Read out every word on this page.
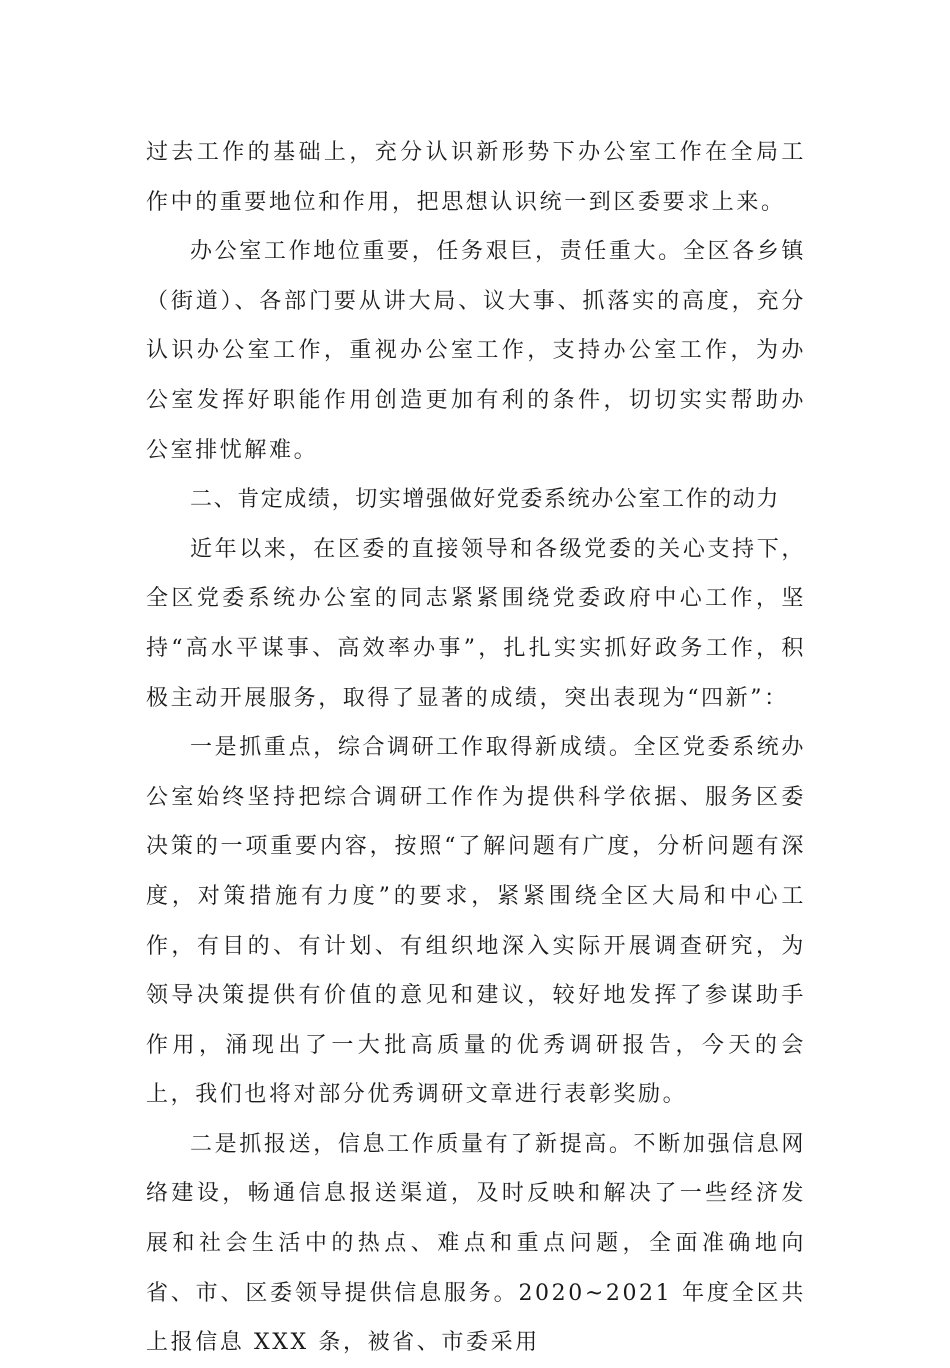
过去工作的基础上，充分认识新形势下办公室工作在全局工作中的重要地位和作用，把思想认识统一到区委要求上来。

办公室工作地位重要，任务艰巨，责任重大。全区各乡镇（街道）、各部门要从讲大局、议大事、抓落实的高度，充分认识办公室工作，重视办公室工作，支持办公室工作，为办公室发挥好职能作用创造更加有利的条件，切切实实帮助办公室排忧解难。

二、肯定成绩，切实增强做好党委系统办公室工作的动力

近年以来，在区委的直接领导和各级党委的关心支持下，全区党委系统办公室的同志紧紧围绕党委政府中心工作，坚持“高水平谋事、高效率办事”，扎扎实实抓好政务工作，积极主动开展服务，取得了显著的成绩，突出表现为“四新”：

一是抓重点，综合调研工作取得新成绩。全区党委系统办公室始终坚持把综合调研工作作为提供科学依据、服务区委决策的一项重要内容，按照“了解问题有广度，分析问题有深度，对策措施有力度”的要求，紧紧围绕全区大局和中心工作，有目的、有计划、有组织地深入实际开展调查研究，为领导决策提供有价值的意见和建议，较好地发挥了参谋助手作用，涌现出了一大批高质量的优秀调研报告，今天的会上，我们也将对部分优秀调研文章进行表彰奖励。

二是抓报送，信息工作质量有了新提高。不断加强信息网络建设，畅通信息报送渠道，及时反映和解决了一些经济发展和社会生活中的热点、难点和重点问题，全面准确地向省、市、区委领导提供信息服务。2020~2021 年度全区共上报信息 XXX 条，被省、市委采用
